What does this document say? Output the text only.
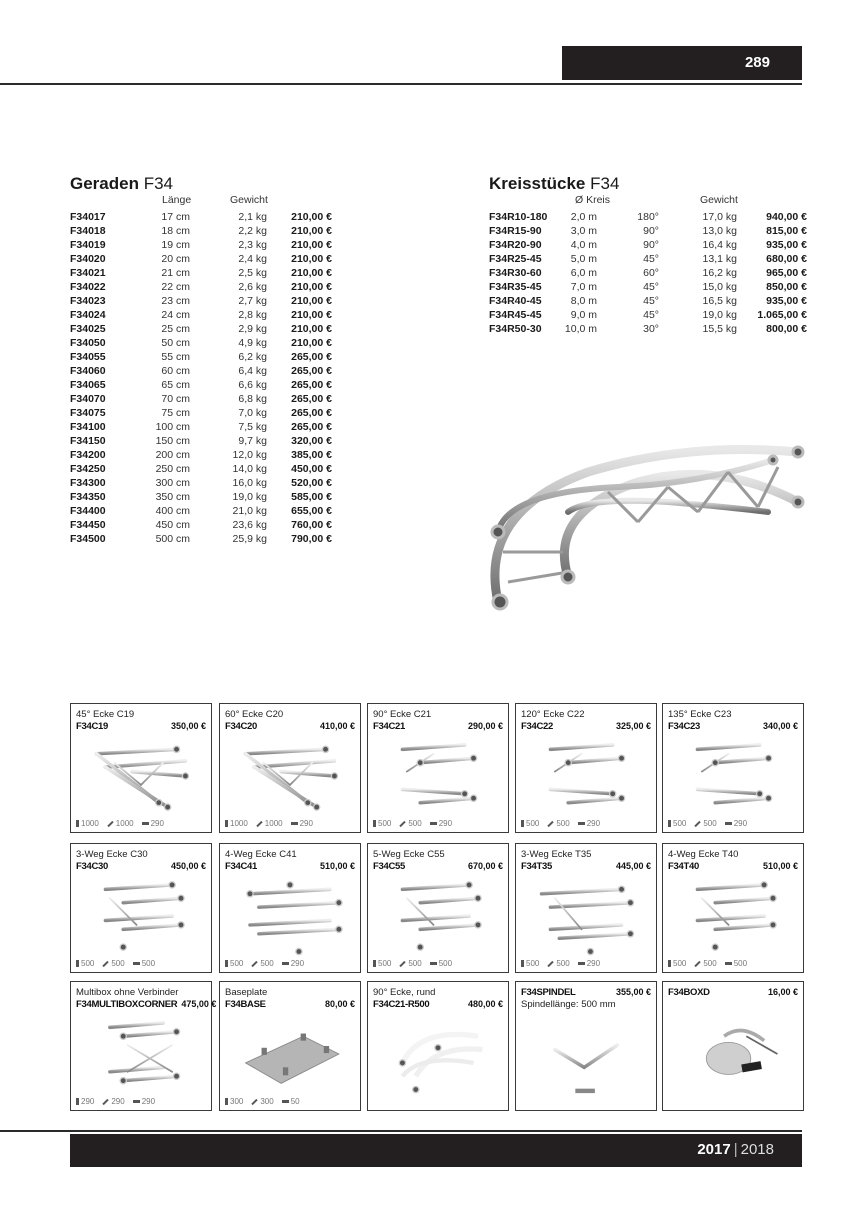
289
Geraden F34
Länge	Gewicht
F34017	17 cm	2,1 kg 210,00 €
F34018	18 cm	2,2 kg 210,00 €
F34019	19 cm	2,3 kg 210,00 €
F34020	20 cm	2,4 kg 210,00 €
F34021	21 cm	2,5 kg 210,00 €
F34022	22 cm	2,6 kg 210,00 €
F34023	23 cm	2,7 kg 210,00 €
F34024	24 cm	2,8 kg 210,00 €
F34025	25 cm	2,9 kg 210,00 €
F34050	50 cm	4,9 kg 210,00 €
F34055	55 cm	6,2 kg 265,00 €
F34060	60 cm	6,4 kg 265,00 €
F34065	65 cm	6,6 kg 265,00 €
F34070	70 cm	6,8 kg 265,00 €
F34075	75 cm	7,0 kg 265,00 €
F34100	100 cm	7,5 kg 265,00 €
F34150	150 cm	9,7 kg 320,00 €
F34200	200 cm	12,0 kg 385,00 €
F34250	250 cm	14,0 kg 450,00 €
F34300	300 cm	16,0 kg 520,00 €
F34350	350 cm	19,0 kg 585,00 €
F34400	400 cm	21,0 kg 655,00 €
F34450	450 cm	23,6 kg 760,00 €
F34500	500 cm	25,9 kg 790,00 €
Kreisstücke F34
Ø Kreis	Gewicht
F34R10-180 2,0 m	180°	17,0 kg	940,00 €
F34R15-90	3,0 m	90°	13,0 kg	815,00 €
F34R20-90	4,0 m	90°	16,4 kg	935,00 €
F34R25-45	5,0 m	45°	13,1 kg	680,00 €
F34R30-60	6,0 m	60°	16,2 kg	965,00 €
F34R35-45	7,0 m	45°	15,0 kg	850,00 €
F34R40-45	8,0 m	45°	16,5 kg	935,00 €
F34R45-45	9,0 m	45°	19,0 kg 1.065,00 €
F34R50-30 10,0 m	30°	15,5 kg	800,00 €
45° Ecke C19
F34C19	350,00 €
1000 1000 290
60° Ecke C20
F34C20	410,00 €
1000 1000 290
90° Ecke C21
F34C21	290,00 €
500 500 290
120° Ecke C22
F34C22	325,00 €
500 500 290
135° Ecke C23
F34C23	340,00 €
500 500 290
3-Weg Ecke C30
F34C30	450,00 €
500 500 500
4-Weg Ecke C41
F34C41	510,00 €
500 500 290
5-Weg Ecke C55
F34C55	670,00 €
500 500 500
3-Weg Ecke T35
F34T35	445,00 €
500 500 290
4-Weg Ecke T40
F34T40	510,00 €
500 500 500
Multibox ohne Verbinder
F34MULTIBOXCORNER 475,00 €
290 290 290
Baseplate
F34BASE	80,00 €
300 300 50
90° Ecke, rund
F34C21-R500	480,00 €
F34SPINDEL	355,00 €
Spindellänge: 500 mm
F34BOXD	16,00 €
2017 | 2018
